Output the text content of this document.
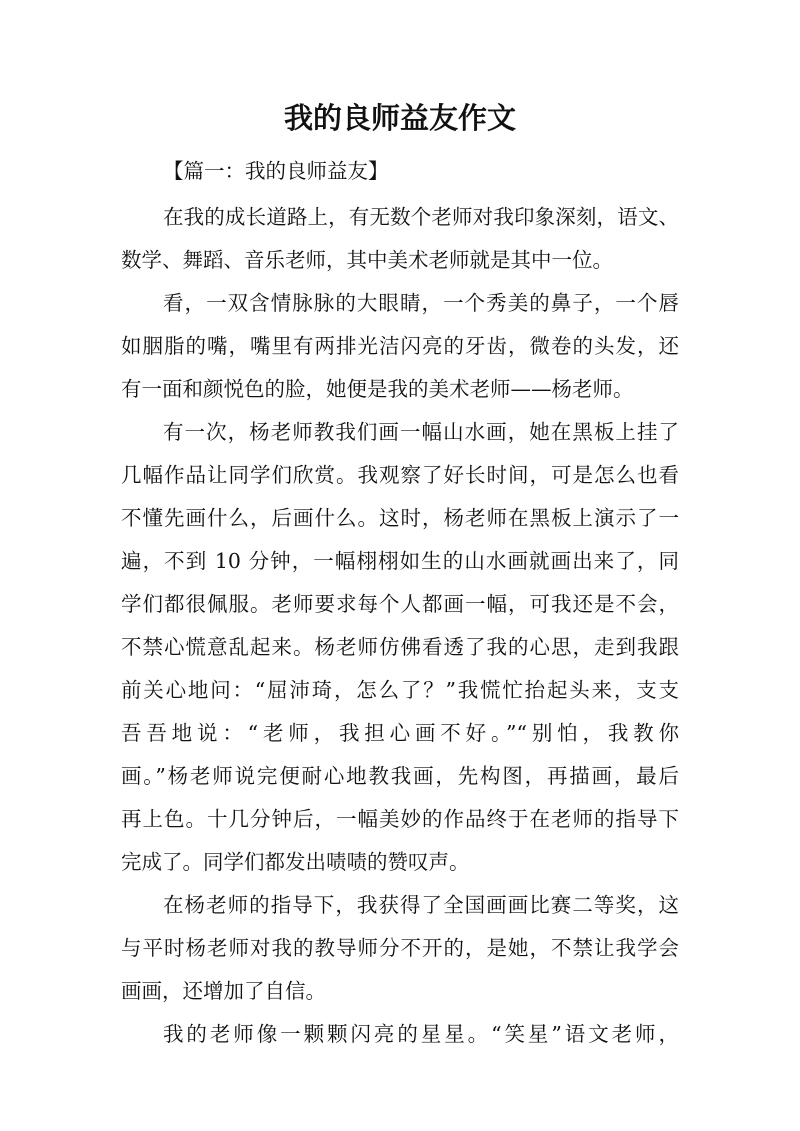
我的良师益友作文

【篇一：我的良师益友】

在我的成长道路上，有无数个老师对我印象深刻，语文、

数学、舞蹈、音乐老师，其中美术老师就是其中一位。

看，一双含情脉脉的大眼睛，一个秀美的鼻子，一个唇

如胭脂的嘴，嘴里有两排光洁闪亮的牙齿，微卷的头发，还

有一面和颜悦色的脸，她便是我的美术老师——杨老师。

有一次，杨老师教我们画一幅山水画，她在黑板上挂了

几幅作品让同学们欣赏。我观察了好长时间，可是怎么也看

不懂先画什么，后画什么。这时，杨老师在黑板上演示了一

遍，不到 10 分钟，一幅栩栩如生的山水画就画出来了，同

学们都很佩服。老师要求每个人都画一幅，可我还是不会，

不禁心慌意乱起来。杨老师仿佛看透了我的心思，走到我跟

前关心地问：“屈沛琦，怎么了？”我慌忙抬起头来，支支

吾吾地说：“老师，我担心画不好。”“别怕，我教你

画。”杨老师说完便耐心地教我画，先构图，再描画，最后

再上色。十几分钟后，一幅美妙的作品终于在老师的指导下

完成了。同学们都发出啧啧的赞叹声。

在杨老师的指导下，我获得了全国画画比赛二等奖，这

与平时杨老师对我的教导师分不开的，是她，不禁让我学会

画画，还增加了自信。

我的老师像一颗颗闪亮的星星。“笑星”语文老师，
